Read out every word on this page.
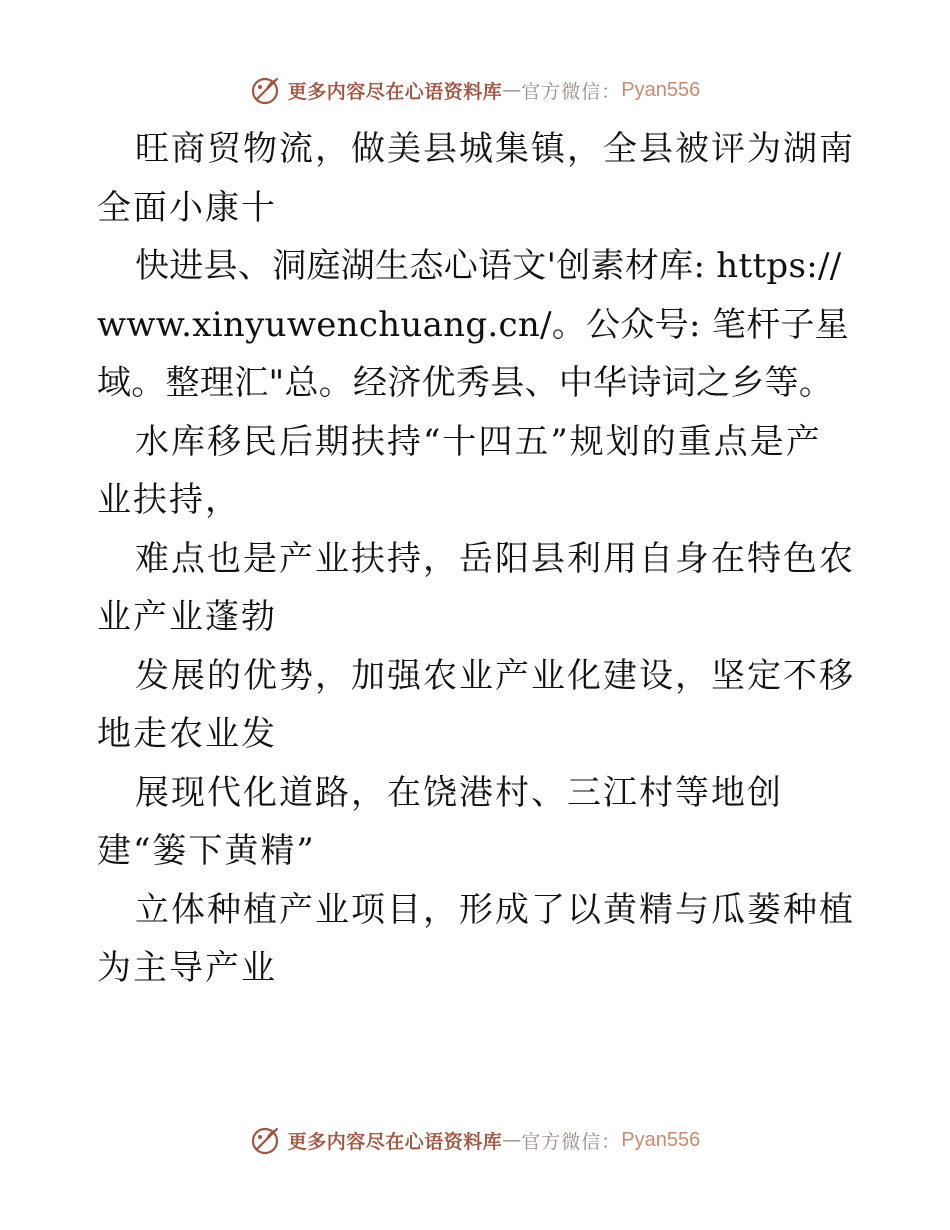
更多内容尽在心语资料库 — 官方微信： Pyan556

旺商贸物流，做美县城集镇，全县被评为湖南全面小康十

快进县、洞庭湖生态心语文'创素材库: https://www.xinyuwenchuang.cn/。公众号: 笔杆子星域。整理汇"总。经济优秀县、中华诗词之乡等。

水库移民后期扶持“十四五”规划的重点是产业扶持，

难点也是产业扶持，岳阳县利用自身在特色农业产业蓬勃

发展的优势，加强农业产业化建设，坚定不移地走农业发

展现代化道路，在饶港村、三江村等地创建“篓下黄精”

立体种植产业项目，形成了以黄精与瓜蒌种植为主导产业

更多内容尽在心语资料库 — 官方微信： Pyan556
